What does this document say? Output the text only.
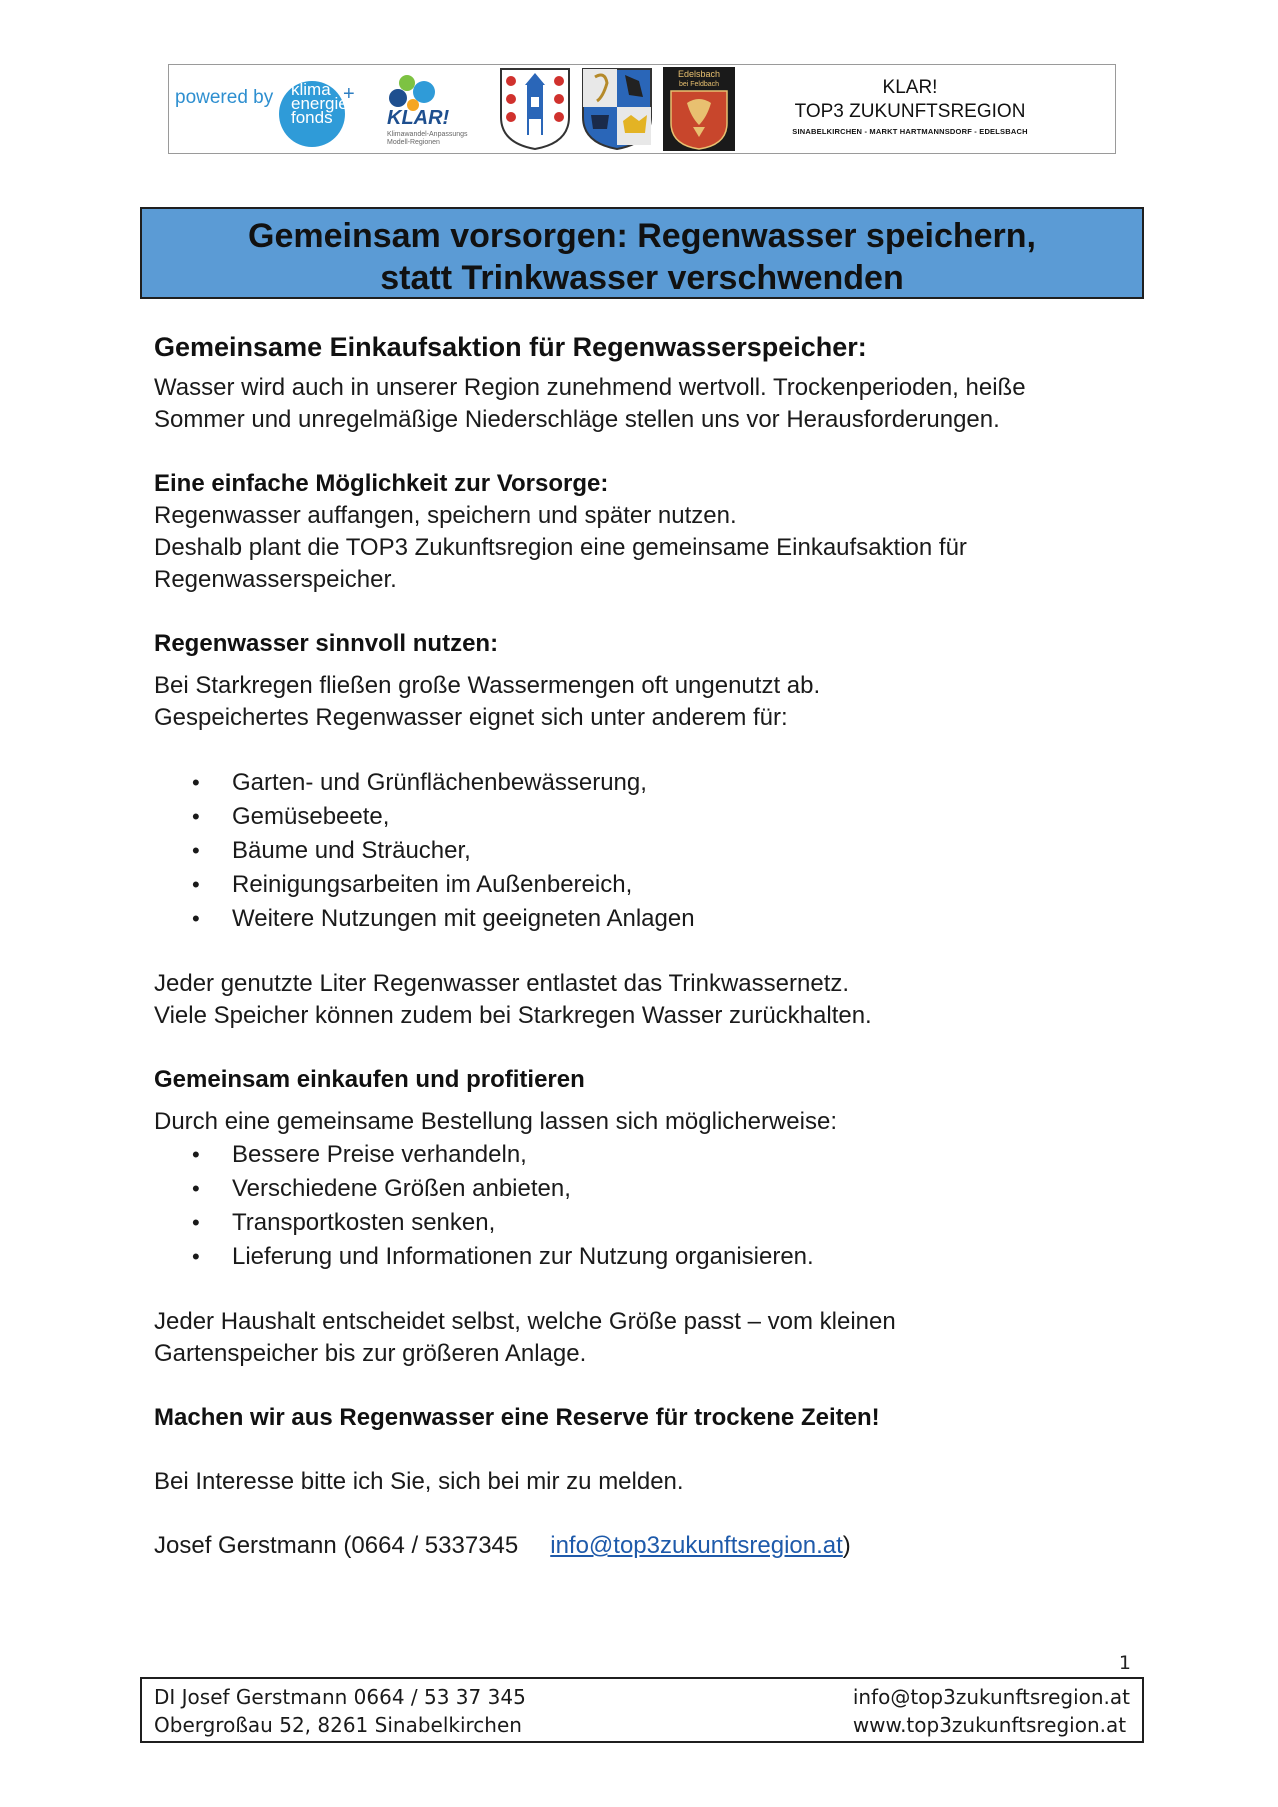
powered by klima
energie
fonds
+
KLAR!
Klimawandel-Anpassungs Modell-Regionen
Edelsbach
bei Feldbach	KLAR!
TOP3 ZUKUNFTSREGION
SINABELKIRCHEN - MARKT HARTMANNSDORF - EDELSBACH
Gemeinsam vorsorgen: Regenwasser speichern,
statt Trinkwasser verschwenden
Gemeinsame Einkaufsaktion für Regenwasserspeicher:
Wasser wird auch in unserer Region zunehmend wertvoll. Trockenperioden, heiße
Sommer und unregelmäßige Niederschläge stellen uns vor Herausforderungen.
Eine einfache Möglichkeit zur Vorsorge:
Regenwasser auffangen, speichern und später nutzen.
Deshalb plant die TOP3 Zukunftsregion eine gemeinsame Einkaufsaktion für
Regenwasserspeicher.
Regenwasser sinnvoll nutzen:
Bei Starkregen fließen große Wassermengen oft ungenutzt ab.
Gespeichertes Regenwasser eignet sich unter anderem für:
• Garten- und Grünflächenbewässerung,
• Gemüsebeete,
• Bäume und Sträucher,
• Reinigungsarbeiten im Außenbereich,
• Weitere Nutzungen mit geeigneten Anlagen
Jeder genutzte Liter Regenwasser entlastet das Trinkwassernetz.
Viele Speicher können zudem bei Starkregen Wasser zurückhalten.
Gemeinsam einkaufen und profitieren
Durch eine gemeinsame Bestellung lassen sich möglicherweise:
• Bessere Preise verhandeln,
• Verschiedene Größen anbieten,
• Transportkosten senken,
• Lieferung und Informationen zur Nutzung organisieren.
Jeder Haushalt entscheidet selbst, welche Größe passt – vom kleinen
Gartenspeicher bis zur größeren Anlage.
Machen wir aus Regenwasser eine Reserve für trockene Zeiten!
Bei Interesse bitte ich Sie, sich bei mir zu melden.
Josef Gerstmann (0664 / 5337345 info@top3zukunftsregion.at)
1
DI Josef Gerstmann 0664 / 53 37 345
Obergroßau 52, 8261 Sinabelkirchen
info@top3zukunftsregion.at
www.top3zukunftsregion.at
